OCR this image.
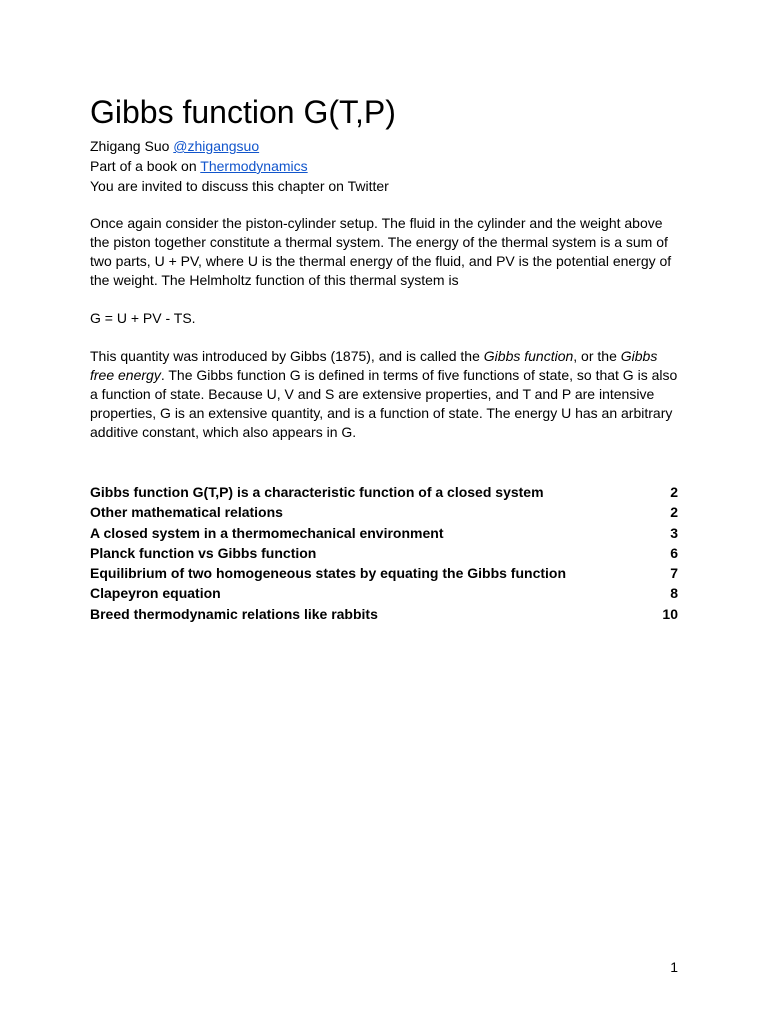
Gibbs function G(T,P)

Zhigang Suo @zhigangsuo

Part of a book on Thermodynamics

You are invited to discuss this chapter on Twitter

Once again consider the piston-cylinder setup. The fluid in the cylinder and the weight above the piston together constitute a thermal system. The energy of the thermal system is a sum of two parts, U + PV, where U is the thermal energy of the fluid, and PV is the potential energy of the weight. The Helmholtz function of this thermal system is

G = U + PV - TS.

This quantity was introduced by Gibbs (1875), and is called the Gibbs function, or the Gibbs free energy. The Gibbs function G is defined in terms of five functions of state, so that G is also a function of state. Because U, V and S are extensive properties, and T and P are intensive properties, G is an extensive quantity, and is a function of state. The energy U has an arbitrary additive constant, which also appears in G.

Gibbs function G(T,P) is a characteristic function of a closed system	2
Other mathematical relations	2
A closed system in a thermomechanical environment	3
Planck function vs Gibbs function	6
Equilibrium of two homogeneous states by equating the Gibbs function	7
Clapeyron equation	8
Breed thermodynamic relations like rabbits	10
1
